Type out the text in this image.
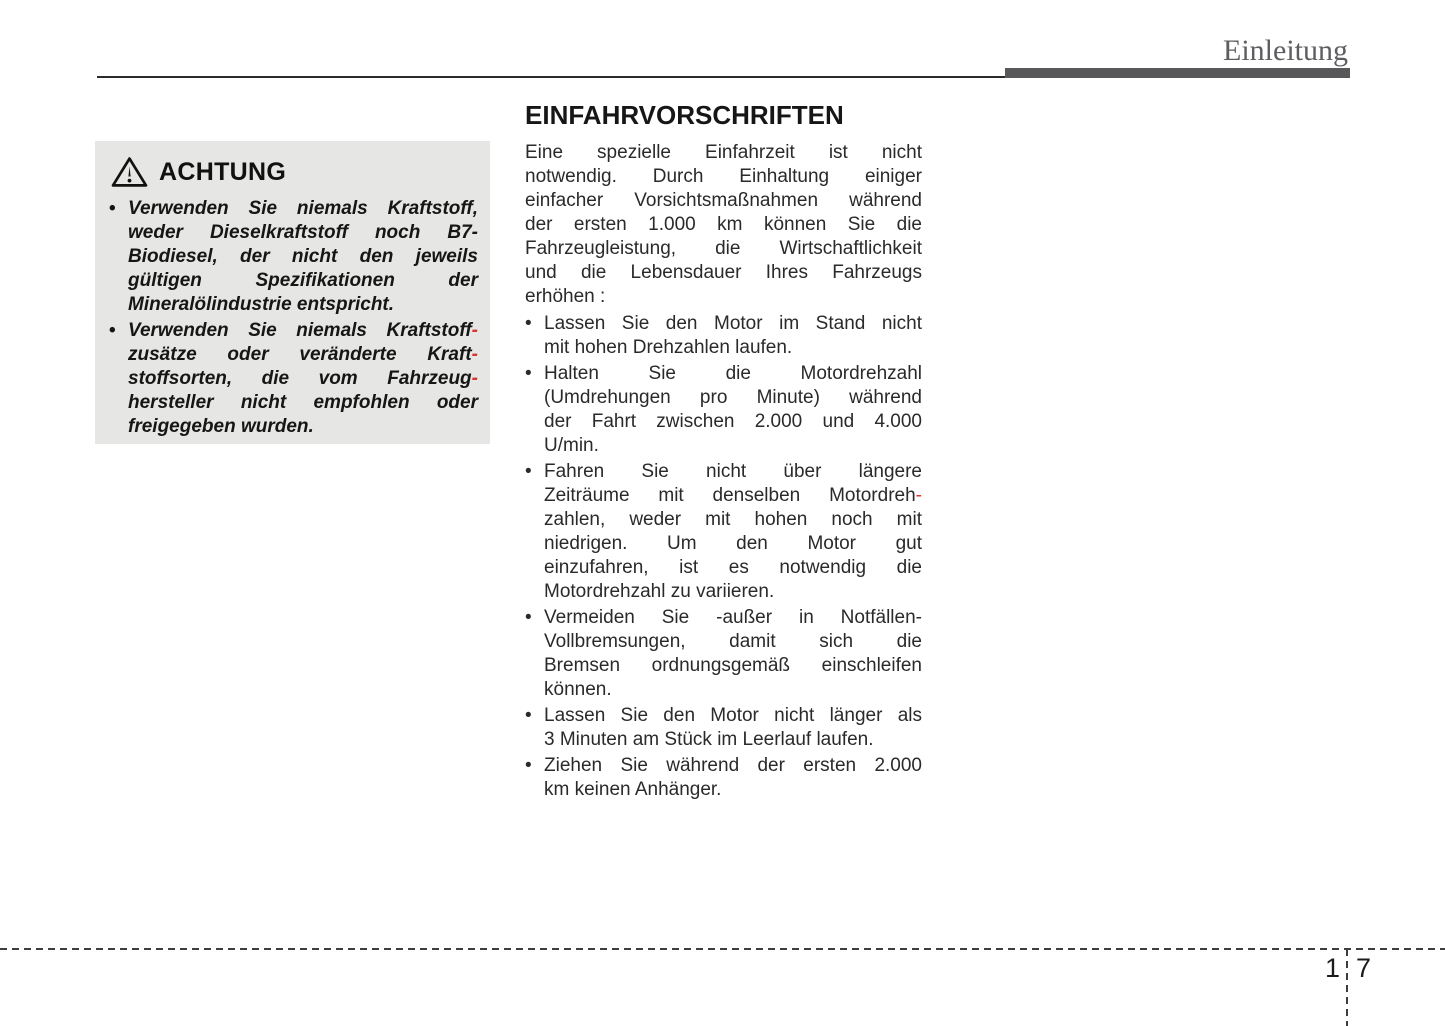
Einleitung
ACHTUNG
• Verwenden Sie niemals Kraftstoff,
weder Dieselkraftstoff noch B7-
Biodiesel, der nicht den jeweils
gültigen Spezifikationen der
Mineralölindustrie entspricht.
• Verwenden Sie niemals Kraftstoff-
zusätze oder veränderte Kraft-
stoffsorten, die vom Fahrzeug-
hersteller nicht empfohlen oder
freigegeben wurden.
EINFAHRVORSCHRIFTEN
Eine spezielle Einfahrzeit ist nicht
notwendig. Durch Einhaltung einiger
einfacher Vorsichtsmaßnahmen während
der ersten 1.000 km können Sie die
Fahrzeugleistung, die Wirtschaftlichkeit
und die Lebensdauer Ihres Fahrzeugs
erhöhen :
• Lassen Sie den Motor im Stand nicht
mit hohen Drehzahlen laufen.
• Halten Sie die Motordrehzahl
(Umdrehungen pro Minute) während
der Fahrt zwischen 2.000 und 4.000
U/min.
• Fahren Sie nicht über längere
Zeiträume mit denselben Motordreh-
zahlen, weder mit hohen noch mit
niedrigen. Um den Motor gut
einzufahren, ist es notwendig die
Motordrehzahl zu variieren.
• Vermeiden Sie -außer in Notfällen-
Vollbremsungen, damit sich die
Bremsen ordnungsgemäß einschleifen
können.
• Lassen Sie den Motor nicht länger als
3 Minuten am Stück im Leerlauf laufen.
• Ziehen Sie während der ersten 2.000
km keinen Anhänger.
1 7
